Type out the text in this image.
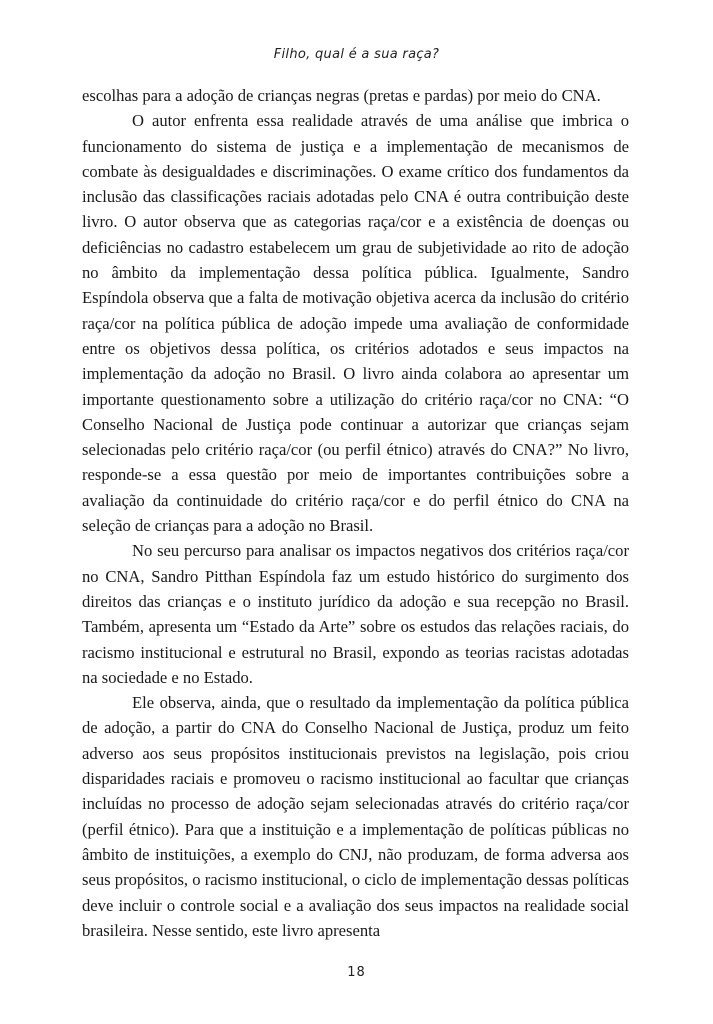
Filho, qual é a sua raça?

escolhas para a adoção de crianças negras (pretas e pardas) por meio do CNA.

O autor enfrenta essa realidade através de uma análise que imbrica o funcionamento do sistema de justiça e a implementação de mecanismos de combate às desigualdades e discriminações. O exame crítico dos fundamentos da inclusão das classificações raciais adotadas pelo CNA é outra contribuição deste livro. O autor observa que as categorias raça/cor e a existência de doenças ou deficiências no cadastro estabelecem um grau de subjetividade ao rito de adoção no âmbito da implementação dessa política pública. Igualmente, Sandro Espíndola observa que a falta de motivação objetiva acerca da inclusão do critério raça/cor na política pública de adoção impede uma avaliação de conformidade entre os objetivos dessa política, os critérios adotados e seus impactos na implementação da adoção no Brasil. O livro ainda colabora ao apresentar um importante questionamento sobre a utilização do critério raça/cor no CNA: “O Conselho Nacional de Justiça pode continuar a autorizar que crianças sejam selecionadas pelo critério raça/cor (ou perfil étnico) através do CNA?” No livro, responde-se a essa questão por meio de importantes contribuições sobre a avaliação da continuidade do critério raça/cor e do perfil étnico do CNA na seleção de crianças para a adoção no Brasil.

No seu percurso para analisar os impactos negativos dos critérios raça/cor no CNA, Sandro Pitthan Espíndola faz um estudo histórico do surgimento dos direitos das crianças e o instituto jurídico da adoção e sua recepção no Brasil. Também, apresenta um “Estado da Arte” sobre os estudos das relações raciais, do racismo institucional e estrutural no Brasil, expondo as teorias racistas adotadas na sociedade e no Estado.

Ele observa, ainda, que o resultado da implementação da política pública de adoção, a partir do CNA do Conselho Nacional de Justiça, produz um feito adverso aos seus propósitos institucionais previstos na legislação, pois criou disparidades raciais e promoveu o racismo institucional ao facultar que crianças incluídas no processo de adoção sejam selecionadas através do critério raça/cor (perfil étnico). Para que a instituição e a implementação de políticas públicas no âmbito de instituições, a exemplo do CNJ, não produzam, de forma adversa aos seus propósitos, o racismo institucional, o ciclo de implementação dessas políticas deve incluir o controle social e a avaliação dos seus impactos na realidade social brasileira. Nesse sentido, este livro apresenta

18
